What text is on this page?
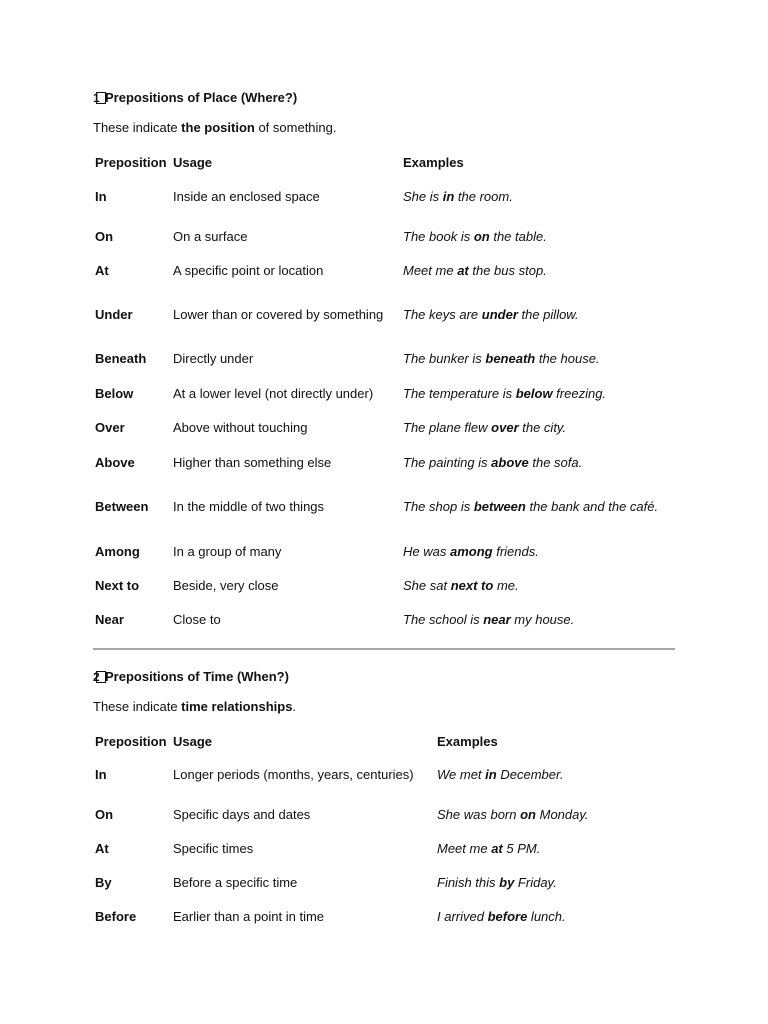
1 Prepositions of Place (Where?)
These indicate the position of something.
Preposition	Usage	Examples
In	Inside an enclosed space	She is in the room.
On	On a surface	The book is on the table.
At	A specific point or location	Meet me at the bus stop.
Under	Lower than or covered by something	The keys are under the pillow.
Beneath	Directly under	The bunker is beneath the house.
Below	At a lower level (not directly under)	The temperature is below freezing.
Over	Above without touching	The plane flew over the city.
Above	Higher than something else	The painting is above the sofa.
Between	In the middle of two things	The shop is between the bank and the café.
Among	In a group of many	He was among friends.
Next to	Beside, very close	She sat next to me.
Near	Close to	The school is near my house.
2 Prepositions of Time (When?)
These indicate time relationships.
Preposition	Usage	Examples
In	Longer periods (months, years, centuries)	We met in December.
On	Specific days and dates	She was born on Monday.
At	Specific times	Meet me at 5 PM.
By	Before a specific time	Finish this by Friday.
Before	Earlier than a point in time	I arrived before lunch.
